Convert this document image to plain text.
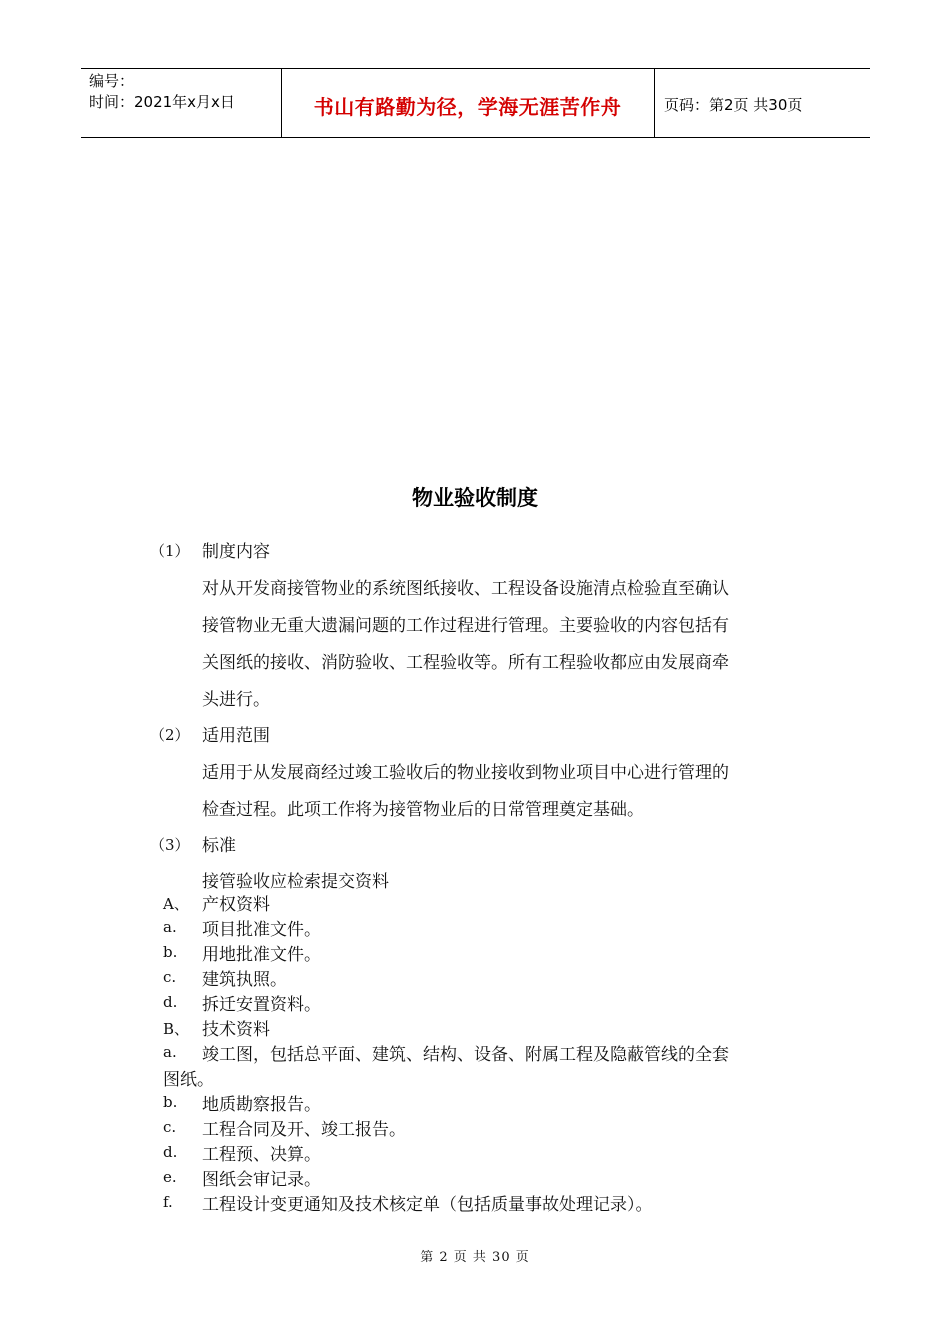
编号：
时间：2021年x月x日	书山有路勤为径，学海无涯苦作舟	页码：第2页 共30页
物业验收制度
（1） 制度内容
对从开发商接管物业的系统图纸接收、工程设备设施清点检验直至确认
接管物业无重大遗漏问题的工作过程进行管理。主要验收的内容包括有
关图纸的接收、消防验收、工程验收等。所有工程验收都应由发展商牵
头进行。
（2） 适用范围
适用于从发展商经过竣工验收后的物业接收到物业项目中心进行管理的
检查过程。此项工作将为接管物业后的日常管理奠定基础。
（3） 标准
接管验收应检索提交资料
A、 产权资料
a. 项目批准文件。
b. 用地批准文件。
c. 建筑执照。
d. 拆迁安置资料。
B、 技术资料
a. 竣工图，包括总平面、建筑、结构、设备、附属工程及隐蔽管线的全套
图纸。
b. 地质勘察报告。
c. 工程合同及开、竣工报告。
d. 工程预、决算。
e. 图纸会审记录。
f. 工程设计变更通知及技术核定单（包括质量事故处理记录）。
第 2 页 共 30 页
